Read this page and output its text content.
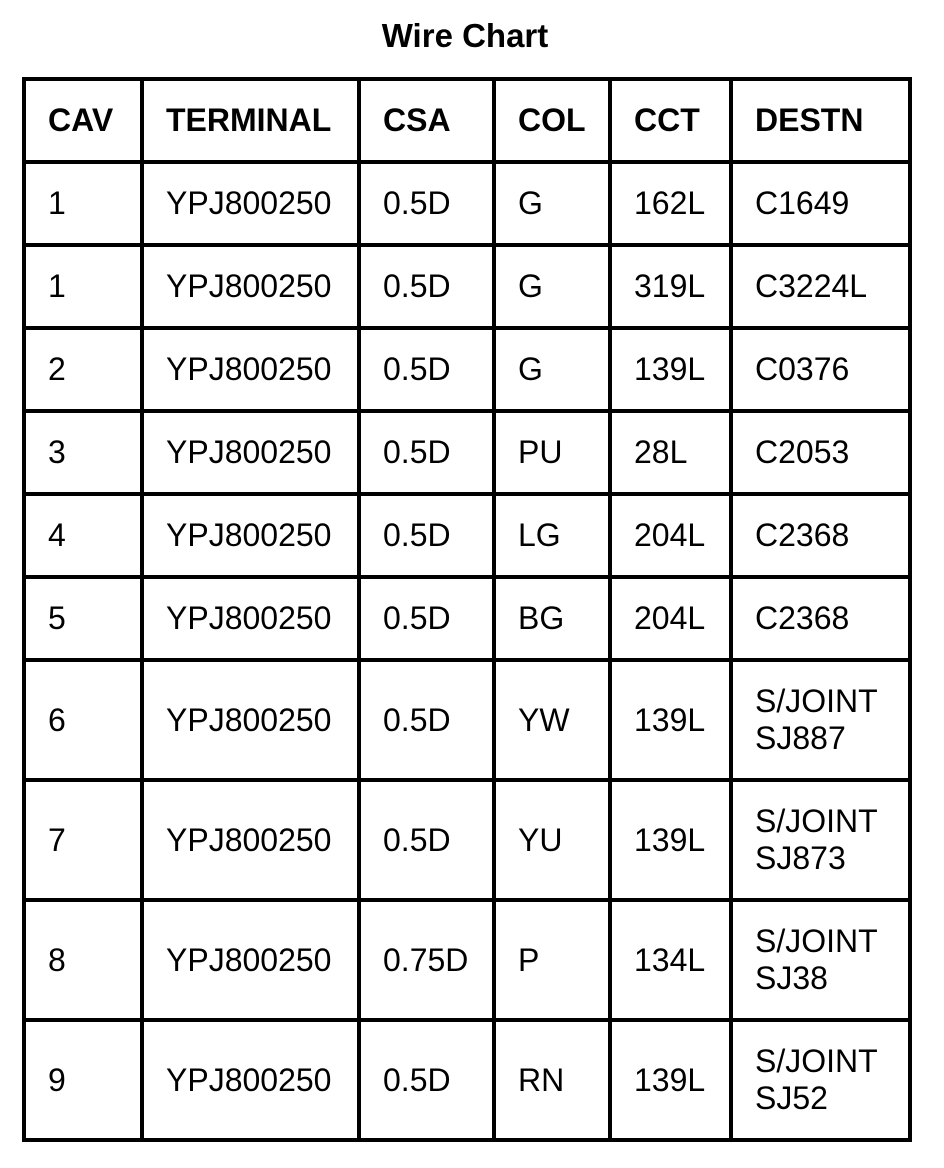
Wire Chart
CAV	TERMINAL	CSA	COL	CCT	DESTN
1	YPJ800250	0.5D	G	162L	C1649

1	YPJ800250	0.5D	G	319L	C3224L

2	YPJ800250	0.5D	G	139L	C0376

3	YPJ800250	0.5D	PU	28L	C2053

4	YPJ800250	0.5D	LG	204L	C2368

5	YPJ800250	0.5D	BG	204L	C2368

6	YPJ800250	0.5D	YW	139L	S/JOINT
SJ887

7	YPJ800250	0.5D	YU	139L	S/JOINT
SJ873

8	YPJ800250	0.75D	P	134L	S/JOINT
SJ38

9	YPJ800250	0.5D	RN	139L	S/JOINT
SJ52
